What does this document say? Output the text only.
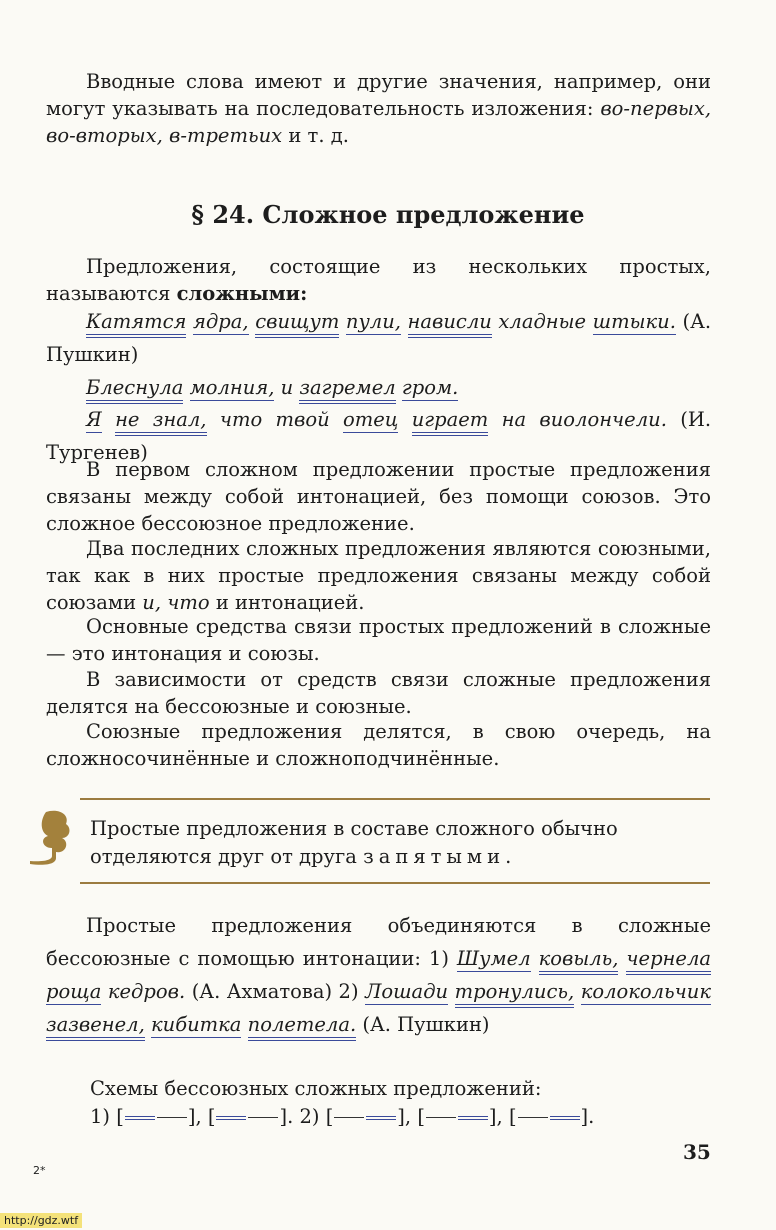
Вводные слова имеют и другие значения, например, они могут указывать на последовательность изложения: во-первых, во-вторых, в-третьих и т. д.

§ 24. Сложное предложение

Предложения, состоящие из нескольких простых, называются сложными:

Катятся ядра, свищут пули, нависли хладные штыки. (А. Пушкин)

Блеснула молния, и загремел гром.

Я не знал, что твой отец играет на виолончели. (И. Тургенев)

В первом сложном предложении простые предложения связаны между собой интонацией, без помощи союзов. Это сложное бессоюзное предложение.

Два последних сложных предложения являются союзными, так как в них простые предложения связаны между собой союзами и, что и интонацией.

Основные средства связи простых предложений в сложные — это интонация и союзы.

В зависимости от средств связи сложные предложения делятся на бессоюзные и союзные.

Союзные предложения делятся, в свою очередь, на сложносочинённые и сложноподчинённые.

Простые предложения в составе сложного обычно отделяются друг от друга запятыми.

Простые предложения объединяются в сложные бессоюзные с помощью интонации: 1) Шумел ковыль, чернела роща кедров. (А. Ахматова) 2) Лошади тронулись, колокольчик зазвенел, кибитка полетела. (А. Пушкин)

Схемы бессоюзных сложных предложений:

1) [	], [	]. 2) [	], [	], [	].

35
2*
http://gdz.wtf
